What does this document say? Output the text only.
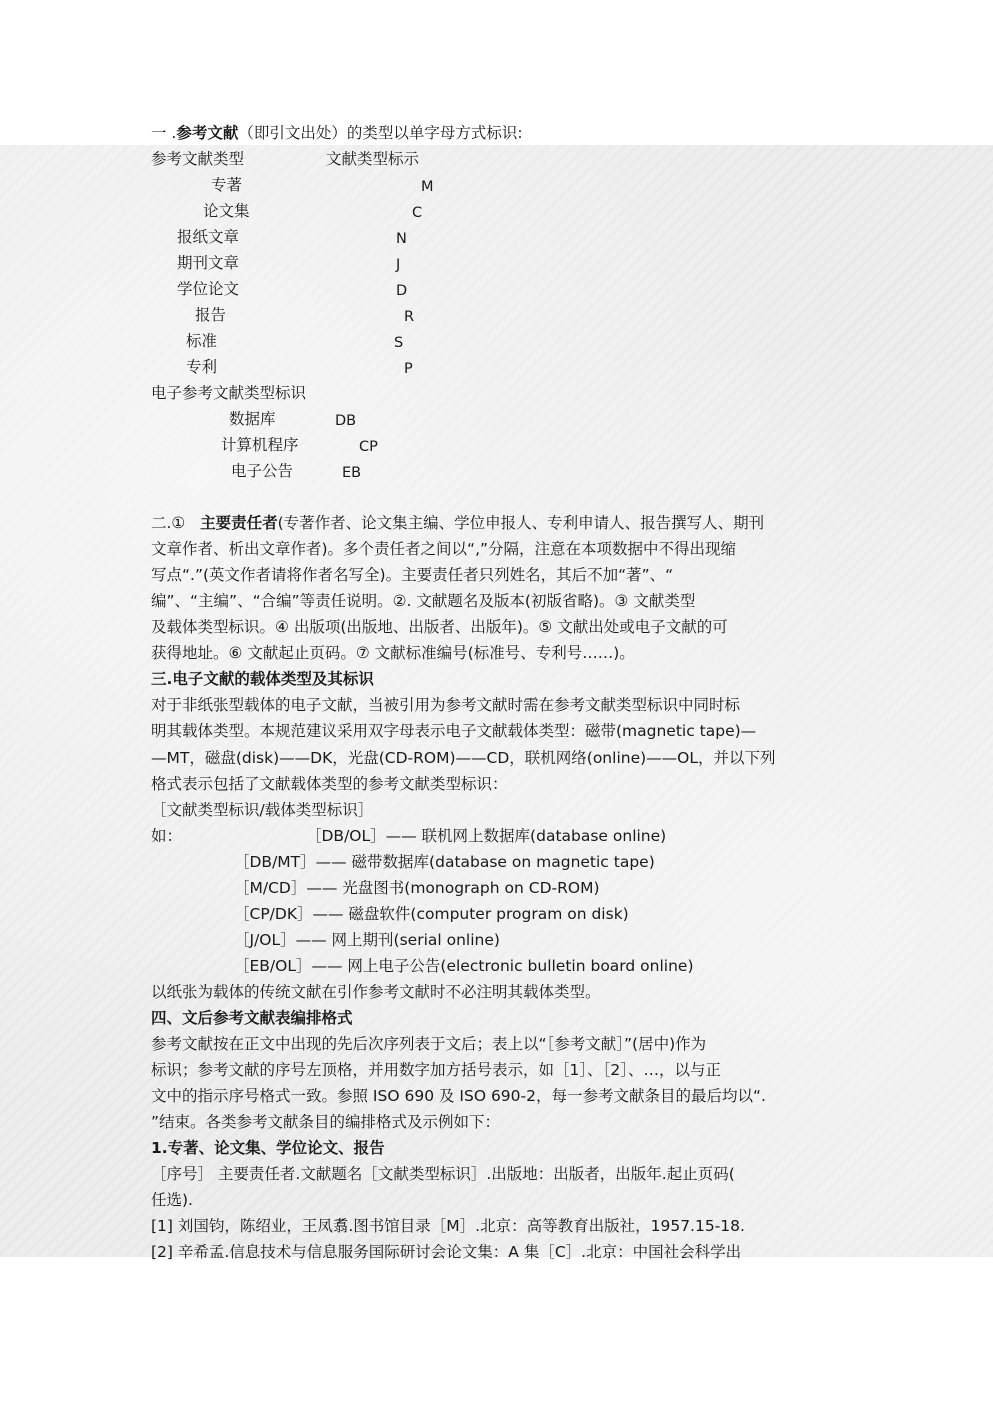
一 .参考文献（即引文出处）的类型以单字母方式标识:
参考文献类型	文献类型标示
专著	M
论文集	C
报纸文章	N
期刊文章	J
学位论文	D
报告	R
标准	S
专利	P
电子参考文献类型标识
数据库	DB
计算机程序	CP
电子公告	EB
二.①   主要责任者(专著作者、论文集主编、学位申报人、专利申请人、报告撰写人、期刊
文章作者、析出文章作者)。多个责任者之间以“,”分隔，注意在本项数据中不得出现缩
写点“.”(英文作者请将作者名写全)。主要责任者只列姓名，其后不加“著”、“
编”、“主编”、“合编”等责任说明。②. 文献题名及版本(初版省略)。③ 文献类型
及载体类型标识。④ 出版项(出版地、出版者、出版年)。⑤ 文献出处或电子文献的可
获得地址。⑥ 文献起止页码。⑦ 文献标准编号(标准号、专利号……)。
三.电子文献的载体类型及其标识
对于非纸张型载体的电子文献，当被引用为参考文献时需在参考文献类型标识中同时标
明其载体类型。本规范建议采用双字母表示电子文献载体类型：磁带(magnetic tape)—
—MT，磁盘(disk)——DK，光盘(CD-ROM)——CD，联机网络(online)——OL，并以下列
格式表示包括了文献载体类型的参考文献类型标识：
［文献类型标识/载体类型标识］
如：	［DB/OL］—— 联机网上数据库(database online)
［DB/MT］—— 磁带数据库(database on magnetic tape)
［M/CD］—— 光盘图书(monograph on CD-ROM)
［CP/DK］—— 磁盘软件(computer program on disk)
［J/OL］—— 网上期刊(serial online)
［EB/OL］—— 网上电子公告(electronic bulletin board online)
以纸张为载体的传统文献在引作参考文献时不必注明其载体类型。
四、文后参考文献表编排格式
参考文献按在正文中出现的先后次序列表于文后；表上以“［参考文献］”(居中)作为
标识；参考文献的序号左顶格，并用数字加方括号表示，如［1］、［2］、…，以与正
文中的指示序号格式一致。参照 ISO 690 及 ISO 690-2，每一参考文献条目的最后均以“.
”结束。各类参考文献条目的编排格式及示例如下：
1.专著、论文集、学位论文、报告
［序号］ 主要责任者.文献题名［文献类型标识］.出版地：出版者，出版年.起止页码(
任选).
[1] 刘国钧，陈绍业，王凤翥.图书馆目录［M］.北京：高等教育出版社，1957.15-18.
[2] 辛希孟.信息技术与信息服务国际研讨会论文集：A 集［C］.北京：中国社会科学出
